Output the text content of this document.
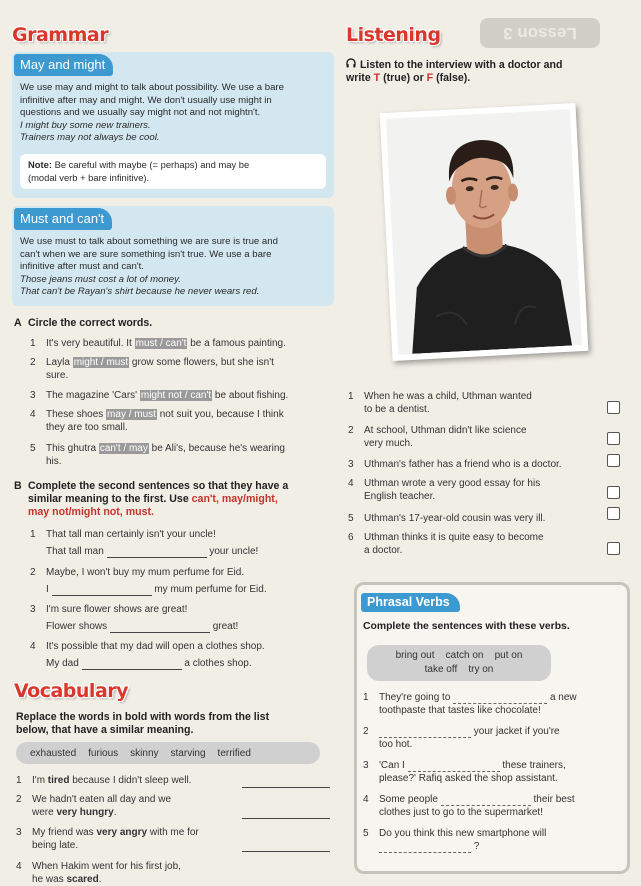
Lesson 3
Grammar
May and might
We use may and might to talk about possibility. We use a bare
infinitive after may and might. We don't usually use might in
questions and we usually say might not and not mightn't.
I might buy some new trainers.
Trainers may not always be cool.
Note: Be careful with maybe (= perhaps) and may be
(modal verb + bare infinitive).
Must and can't
We use must to talk about something we are sure is true and
can't when we are sure something isn't true. We use a bare
infinitive after must and can't.
Those jeans must cost a lot of money.
That can't be Rayan's shirt because he never wears red.
A Circle the correct words.
1 It's very beautiful. It must / can't be a famous painting.
2 Layla might / must grow some flowers, but she isn't
sure.
3 The magazine 'Cars' might not / can't be about fishing.
4 These shoes may / must not suit you, because I think
they are too small.
5 This ghutra can't / may be Ali's, because he's wearing
his.
B Complete the second sentences so that they have a
similar meaning to the first. Use can't, may/might,
may not/might not, must.
1 That tall man certainly isn't your uncle!
That tall man	your uncle!
2 Maybe, I won't buy my mum perfume for Eid.
I	my mum perfume for Eid.
3 I'm sure flower shows are great!
Flower shows	great!
4 It's possible that my dad will open a clothes shop.
My dad	a clothes shop.
Vocabulary
Replace the words in bold with words from the list
below, that have a similar meaning.
exhausted furious skinny starving terrified
1 I'm tired because I didn't sleep well.
2 We hadn't eaten all day and we
were very hungry.
3 My friend was very angry with me for
being late.
4 When Hakim went for his first job,
he was scared.
Listening
Listen to the interview with a doctor and
write T (true) or F (false).
1 When he was a child, Uthman wanted
to be a dentist.
2 At school, Uthman didn't like science
very much.
3 Uthman's father has a friend who is a doctor.
4 Uthman wrote a very good essay for his
English teacher.
5 Uthman's 17-year-old cousin was very ill.
6 Uthman thinks it is quite easy to become
a doctor.
Phrasal Verbs
Complete the sentences with these verbs.
bring out catch on put on
take off try on
1 They're going to	a new
toothpaste that tastes like chocolate!
2	your jacket if you're
too hot.
3 'Can I	these trainers,
please?' Rafiq asked the shop assistant.
4 Some people	their best
clothes just to go to the supermarket!
5 Do you think this new smartphone will
?
